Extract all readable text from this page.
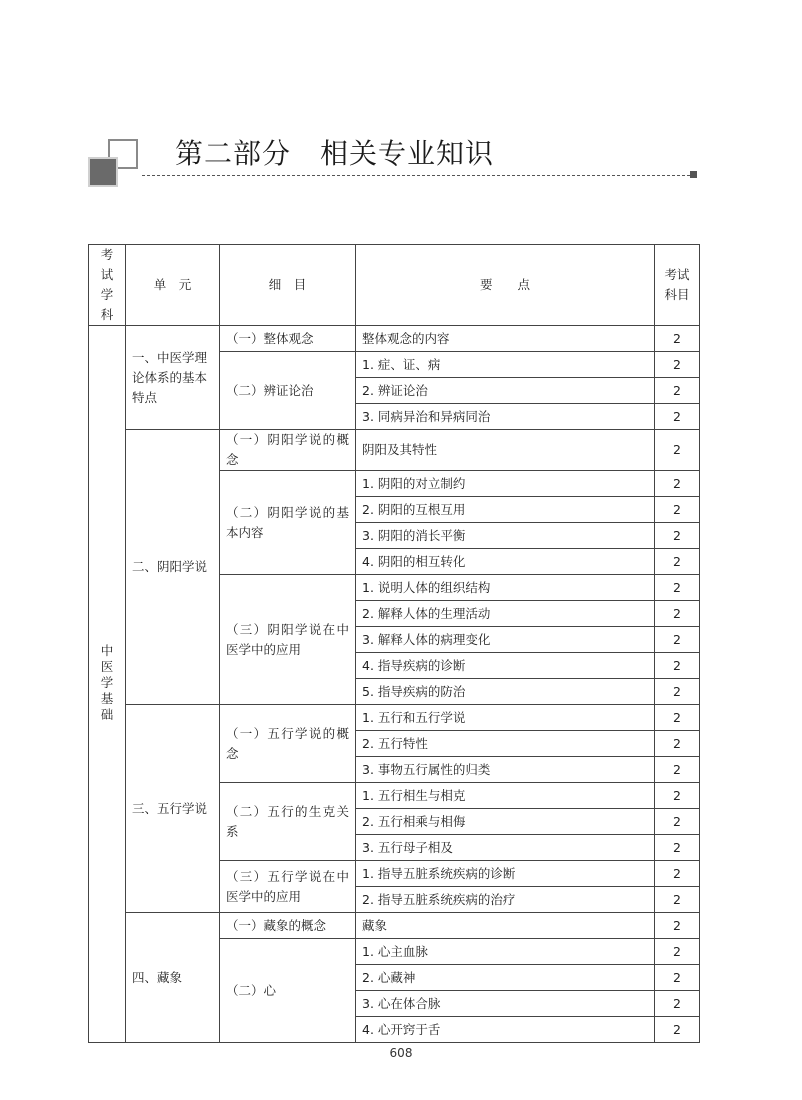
第二部分　相关专业知识
考试学科	单　元	细　目	要　　点	考试科目
中医学基础	一、中医学理论体系的基本特点	（一）整体观念	整体观念的内容	2
		（二）辨证论治	1. 症、证、病	2
			2. 辨证论治	2
			3. 同病异治和异病同治	2
	二、阴阳学说	（一）阴阳学说的概念	阴阳及其特性	2
		（二）阴阳学说的基本内容	1. 阴阳的对立制约	2
			2. 阴阳的互根互用	2
			3. 阴阳的消长平衡	2
			4. 阴阳的相互转化	2
		（三）阴阳学说在中医学中的应用	1. 说明人体的组织结构	2
			2. 解释人体的生理活动	2
			3. 解释人体的病理变化	2
			4. 指导疾病的诊断	2
			5. 指导疾病的防治	2
	三、五行学说	（一）五行学说的概念	1. 五行和五行学说	2
			2. 五行特性	2
			3. 事物五行属性的归类	2
		（二）五行的生克关系	1. 五行相生与相克	2
			2. 五行相乘与相侮	2
			3. 五行母子相及	2
		（三）五行学说在中医学中的应用	1. 指导五脏系统疾病的诊断	2
			2. 指导五脏系统疾病的治疗	2
	四、藏象	（一）藏象的概念	藏象	2
		（二）心	1. 心主血脉	2
			2. 心藏神	2
			3. 心在体合脉	2
			4. 心开窍于舌	2
608
